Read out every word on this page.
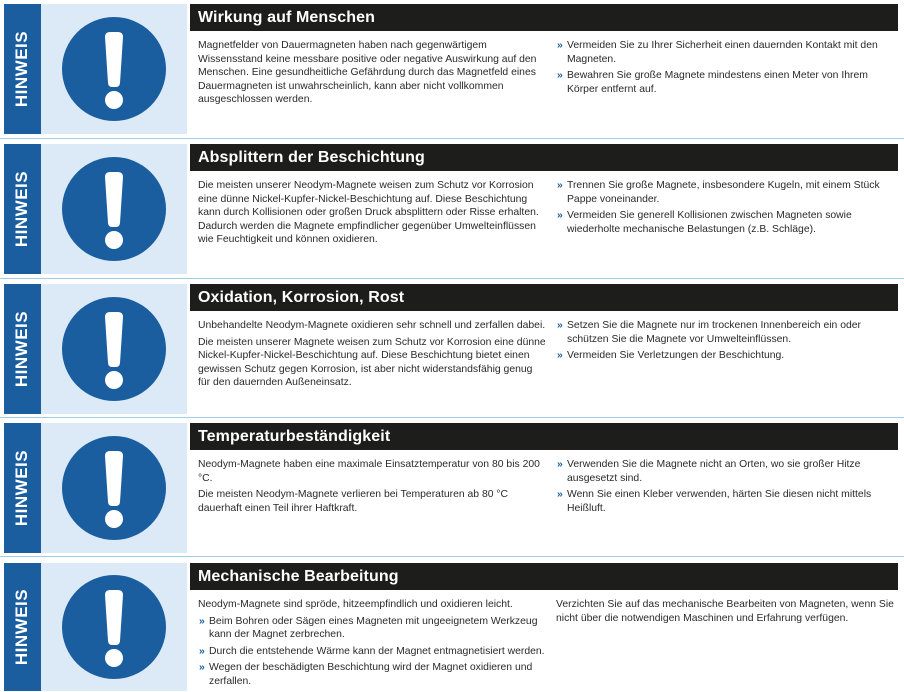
HINWEIS
Wirkung auf Menschen

Magnetfelder von Dauermagneten haben nach gegenwärtigem Wissensstand keine messbare positive oder negative Auswirkung auf den Menschen. Eine gesundheitliche Gefährdung durch das Magnetfeld eines Dauermagneten ist unwahrscheinlich, kann aber nicht vollkommen ausgeschlossen werden.

» Vermeiden Sie zu Ihrer Sicherheit einen dauernden Kontakt mit den Magneten.
» Bewahren Sie große Magnete mindestens einen Meter von Ihrem Körper entfernt auf.
HINWEIS
Absplittern der Beschichtung

Die meisten unserer Neodym-Magnete weisen zum Schutz vor Korrosion eine dünne Nickel-Kupfer-Nickel-Beschichtung auf. Diese Beschichtung kann durch Kollisionen oder großen Druck absplittern oder Risse erhalten. Dadurch werden die Magnete empfindlicher gegenüber Umwelteinflüssen wie Feuchtigkeit und können oxidieren.

» Trennen Sie große Magnete, insbesondere Kugeln, mit einem Stück Pappe voneinander.
» Vermeiden Sie generell Kollisionen zwischen Magneten sowie wiederholte mechanische Belastungen (z.B. Schläge).
HINWEIS
Oxidation, Korrosion, Rost

Unbehandelte Neodym-Magnete oxidieren sehr schnell und zerfallen dabei.

Die meisten unserer Magnete weisen zum Schutz vor Korrosion eine dünne Nickel-Kupfer-Nickel-Beschichtung auf. Diese Beschichtung bietet einen gewissen Schutz gegen Korrosion, ist aber nicht widerstandsfähig genug für den dauernden Außeneinsatz.

» Setzen Sie die Magnete nur im trockenen Innenbereich ein oder schützen Sie die Magnete vor Umwelteinflüssen.
» Vermeiden Sie Verletzungen der Beschichtung.
HINWEIS
Temperaturbeständigkeit

Neodym-Magnete haben eine maximale Einsatztemperatur von 80 bis 200 °C.

Die meisten Neodym-Magnete verlieren bei Temperaturen ab 80 °C dauerhaft einen Teil ihrer Haftkraft.

» Verwenden Sie die Magnete nicht an Orten, wo sie großer Hitze ausgesetzt sind.
» Wenn Sie einen Kleber verwenden, härten Sie diesen nicht mittels Heißluft.
HINWEIS
Mechanische Bearbeitung

Neodym-Magnete sind spröde, hitzeempfindlich und oxidieren leicht.

» Beim Bohren oder Sägen eines Magneten mit ungeeignetem Werkzeug kann der Magnet zerbrechen.
» Durch die entstehende Wärme kann der Magnet entmagnetisiert werden.
» Wegen der beschädigten Beschichtung wird der Magnet oxidieren und zerfallen.

Verzichten Sie auf das mechanische Bearbeiten von Magneten, wenn Sie nicht über die notwendigen Maschinen und Erfahrung verfügen.
